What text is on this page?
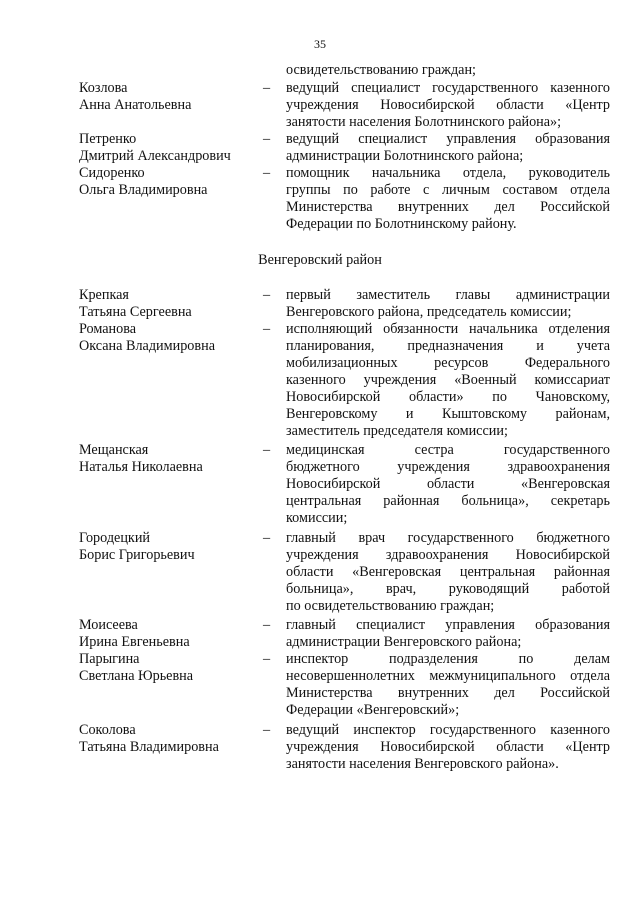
35
освидетельствованию граждан;
Козлова
Анна Анатольевна
– ведущий специалист государственного казенного
учреждения Новосибирской области «Центр
занятости населения Болотнинского района»;
Петренко
Дмитрий Александрович
– ведущий специалист управления образования
администрации Болотнинского района;
Сидоренко
Ольга Владимировна
– помощник начальника отдела, руководитель
группы по работе с личным составом отдела
Министерства внутренних дел Российской
Федерации по Болотнинскому району.
Венгеровский район
Крепкая
Татьяна Сергеевна
– первый заместитель главы администрации
Венгеровского района, председатель комиссии;
Романова
Оксана Владимировна
– исполняющий обязанности начальника отделения
планирования, предназначения и учета
мобилизационных ресурсов Федерального
казенного учреждения «Военный комиссариат
Новосибирской области» по Чановскому,
Венгеровскому и Кыштовскому районам,
заместитель председателя комиссии;
Мещанская
Наталья Николаевна
– медицинская сестра государственного
бюджетного учреждения здравоохранения
Новосибирской области «Венгеровская
центральная районная больница», секретарь
комиссии;
Городецкий
Борис Григорьевич
– главный врач государственного бюджетного
учреждения здравоохранения Новосибирской
области «Венгеровская центральная районная
больница», врач, руководящий работой
по освидетельствованию граждан;
Моисеева
Ирина Евгеньевна
– главный специалист управления образования
администрации Венгеровского района;
Парыгина
Светлана Юрьевна
– инспектор подразделения по делам
несовершеннолетних межмуниципального отдела
Министерства внутренних дел Российской
Федерации «Венгеровский»;
Соколова
Татьяна Владимировна
– ведущий инспектор государственного казенного
учреждения Новосибирской области «Центр
занятости населения Венгеровского района».
